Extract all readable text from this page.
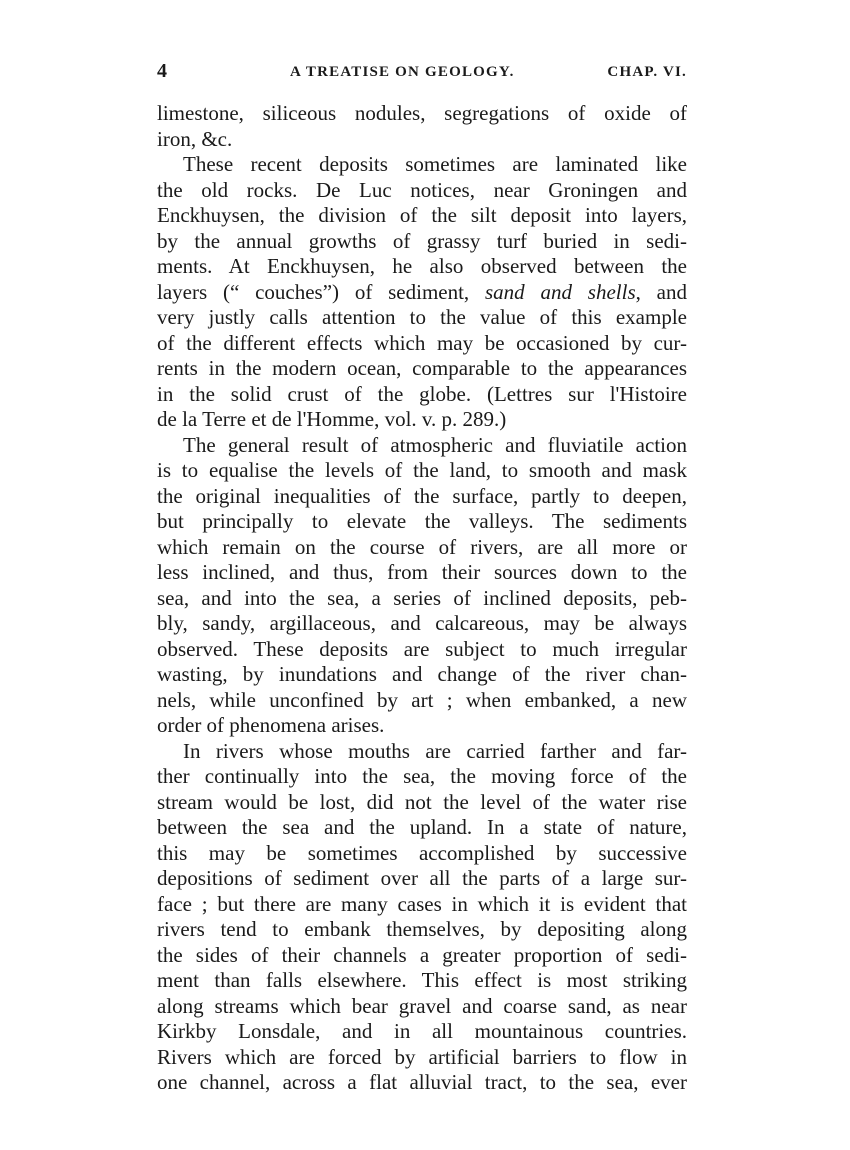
4	A TREATISE ON GEOLOGY.	CHAP. VI.
limestone, siliceous nodules, segregations of oxide of
iron, &c.
These recent deposits sometimes are laminated like
the old rocks. De Luc notices, near Groningen and
Enckhuysen, the division of the silt deposit into layers,
by the annual growths of grassy turf buried in sedi-
ments. At Enckhuysen, he also observed between the
layers (“ couches”) of sediment, sand and shells, and
very justly calls attention to the value of this example
of the different effects which may be occasioned by cur-
rents in the modern ocean, comparable to the appearances
in the solid crust of the globe. (Lettres sur l'Histoire
de la Terre et de l'Homme, vol. v. p. 289.)
The general result of atmospheric and fluviatile action
is to equalise the levels of the land, to smooth and mask
the original inequalities of the surface, partly to deepen,
but principally to elevate the valleys. The sediments
which remain on the course of rivers, are all more or
less inclined, and thus, from their sources down to the
sea, and into the sea, a series of inclined deposits, peb-
bly, sandy, argillaceous, and calcareous, may be always
observed. These deposits are subject to much irregular
wasting, by inundations and change of the river chan-
nels, while unconfined by art ; when embanked, a new
order of phenomena arises.
In rivers whose mouths are carried farther and far-
ther continually into the sea, the moving force of the
stream would be lost, did not the level of the water rise
between the sea and the upland. In a state of nature,
this may be sometimes accomplished by successive
depositions of sediment over all the parts of a large sur-
face ; but there are many cases in which it is evident that
rivers tend to embank themselves, by depositing along
the sides of their channels a greater proportion of sedi-
ment than falls elsewhere. This effect is most striking
along streams which bear gravel and coarse sand, as near
Kirkby Lonsdale, and in all mountainous countries.
Rivers which are forced by artificial barriers to flow in
one channel, across a flat alluvial tract, to the sea, ever
